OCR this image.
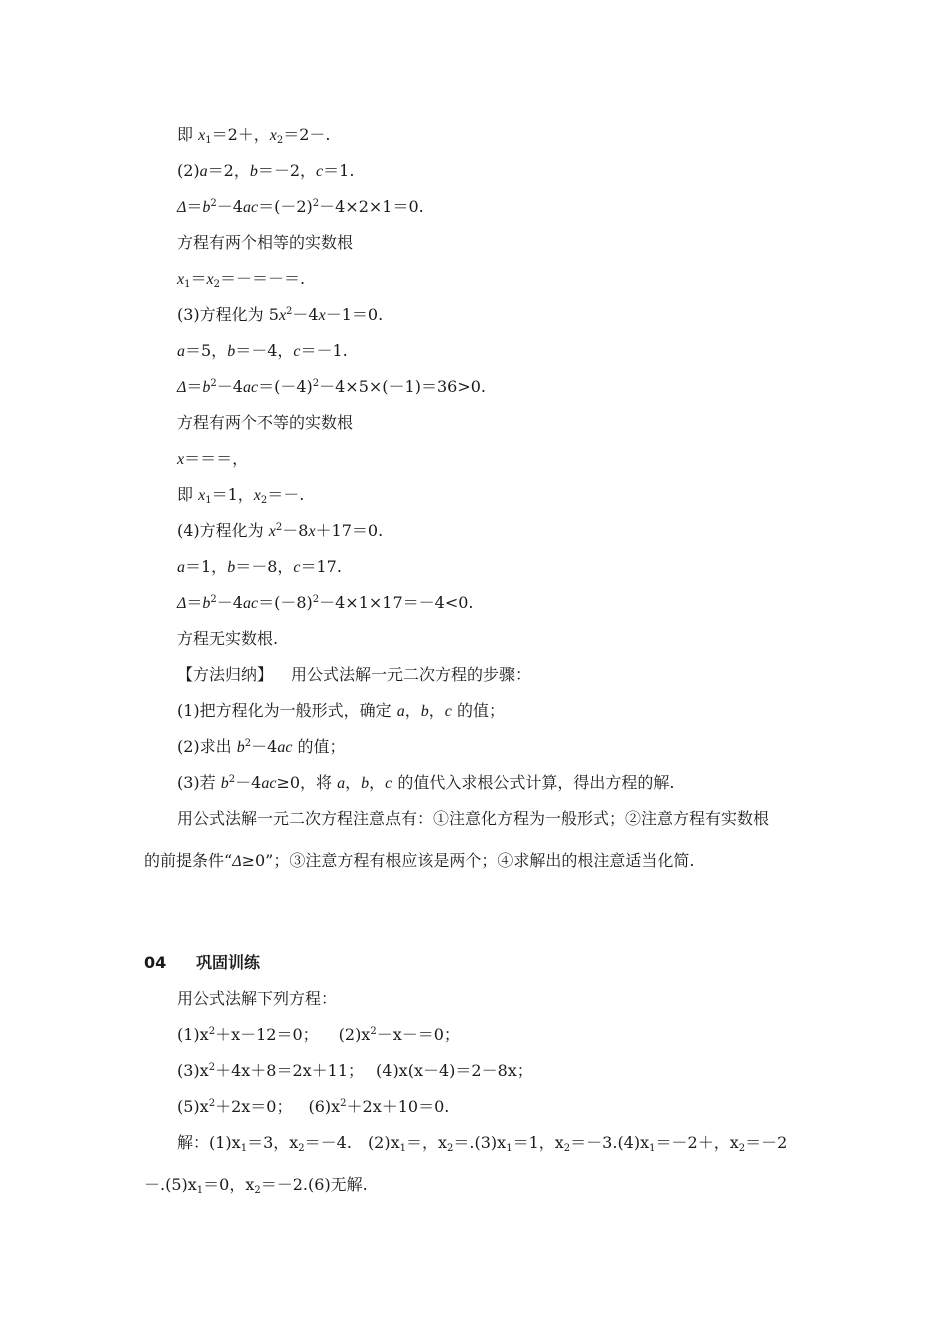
即 $x_1=2+$，$x_2=2-$.
(2)a＝2，b＝－2，c＝1.
$\Delta=b^2-4ac=(-2)^2-4\times 2\times 1=0$.
方程有两个相等的实数根
$x_1=x_2=-=-=$.
(3)方程化为 $5x^2-4x-1=0$.
a＝5，b＝－4，c＝－1.
$\Delta=b^2-4ac=(-4)^2-4\times 5\times(-1)=36>0$.
方程有两个不等的实数根
x＝＝＝，
即 $x_1=1$，$x_2=-$.
(4)方程化为 $x^2-8x+17=0$.
a＝1，b＝－8，c＝17.
$\Delta=b^2-4ac=(-8)^2-4\times 1\times 17=-4<0$.
方程无实数根.
【方法归纳】 用公式法解一元二次方程的步骤：
(1)把方程化为一般形式，确定 a，b，c 的值；
(2)求出 $b^2-4ac$ 的值；
(3)若 $b^2-4ac\ge 0$，将 a，b，c 的值代入求根公式计算，得出方程的解.
用公式法解一元二次方程注意点有：①注意化方程为一般形式；②注意方程有实数根
的前提条件“Δ≥0”；③注意方程有根应该是两个；④求解出的根注意适当化简.
04 巩固训练
用公式法解下列方程：
$(1)x^2+x-12=0$； $(2)x^2-x-=0$；
$(3)x^2+4x+8=2x+11$； (4)x(x－4)＝2－8x；
$(5)x^2+2x=0$； $(6)x^2+2x+10=0$.
解：$(1)x_1=3$，$x_2=-4$.　$(2)x_1=$，$x_2=.(3)x_1=1$，$x_2=-3.(4)x_1=-2+$，$x_2=-2$
$-.(5)x_1=0$，$x_2=-2.(6)$无解.
